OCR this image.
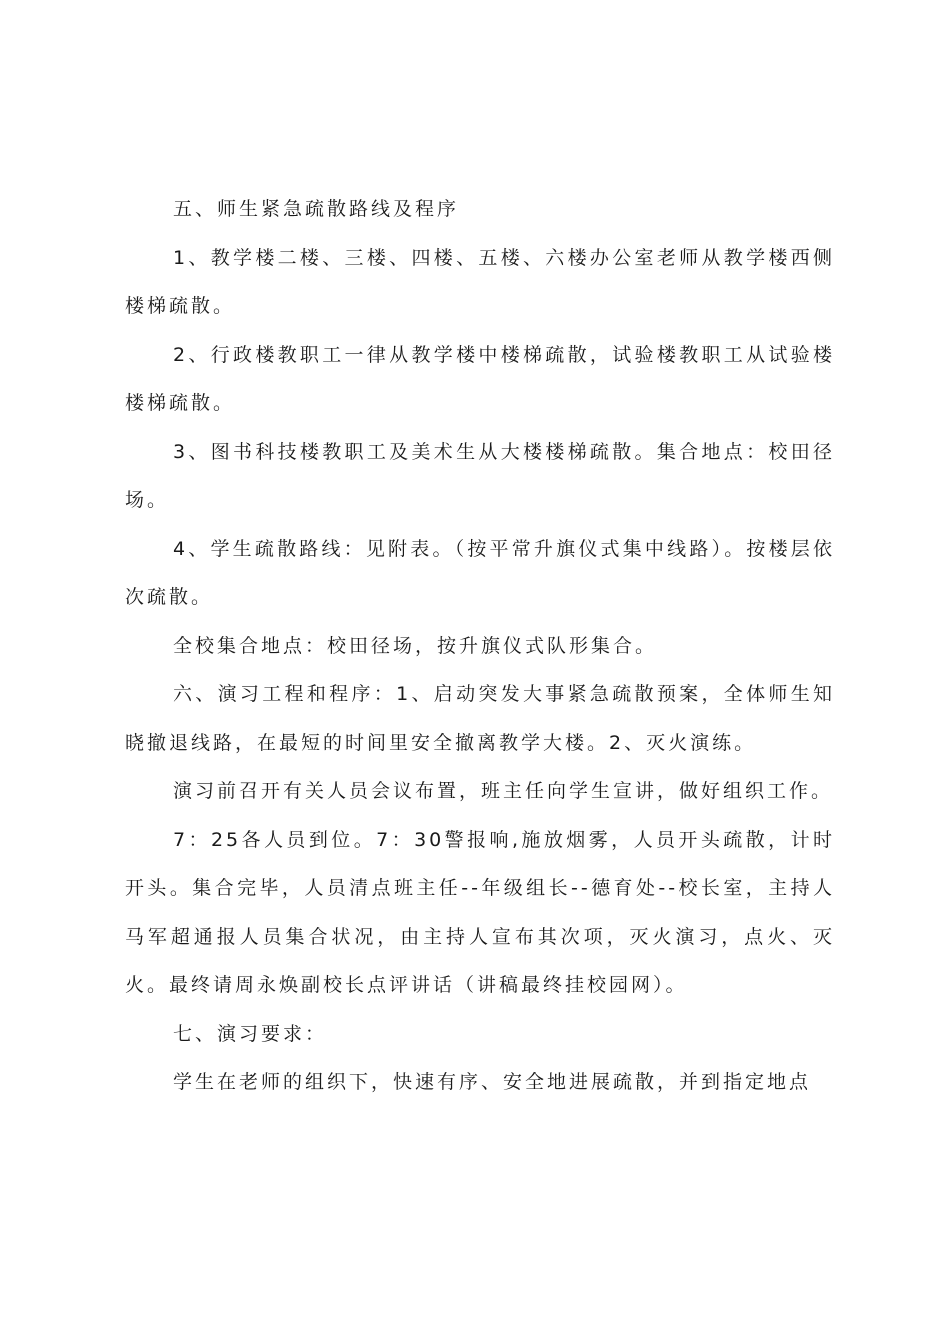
五、师生紧急疏散路线及程序

1、教学楼二楼、三楼、四楼、五楼、六楼办公室老师从教学楼西侧楼梯疏散。

2、行政楼教职工一律从教学楼中楼梯疏散，试验楼教职工从试验楼楼梯疏散。

3、图书科技楼教职工及美术生从大楼楼梯疏散。集合地点：校田径场。

4、学生疏散路线：见附表。（按平常升旗仪式集中线路）。按楼层依次疏散。

全校集合地点：校田径场，按升旗仪式队形集合。

六、演习工程和程序：1、启动突发大事紧急疏散预案，全体师生知晓撤退线路，在最短的时间里安全撤离教学大楼。2、灭火演练。

演习前召开有关人员会议布置，班主任向学生宣讲，做好组织工作。

7：25各人员到位。7：30警报响,施放烟雾，人员开头疏散，计时开头。集合完毕，人员清点班主任--年级组长--德育处--校长室，主持人马军超通报人员集合状况，由主持人宣布其次项，灭火演习，点火、灭火。最终请周永焕副校长点评讲话（讲稿最终挂校园网）。

七、演习要求：

学生在老师的组织下，快速有序、安全地进展疏散，并到指定地点
